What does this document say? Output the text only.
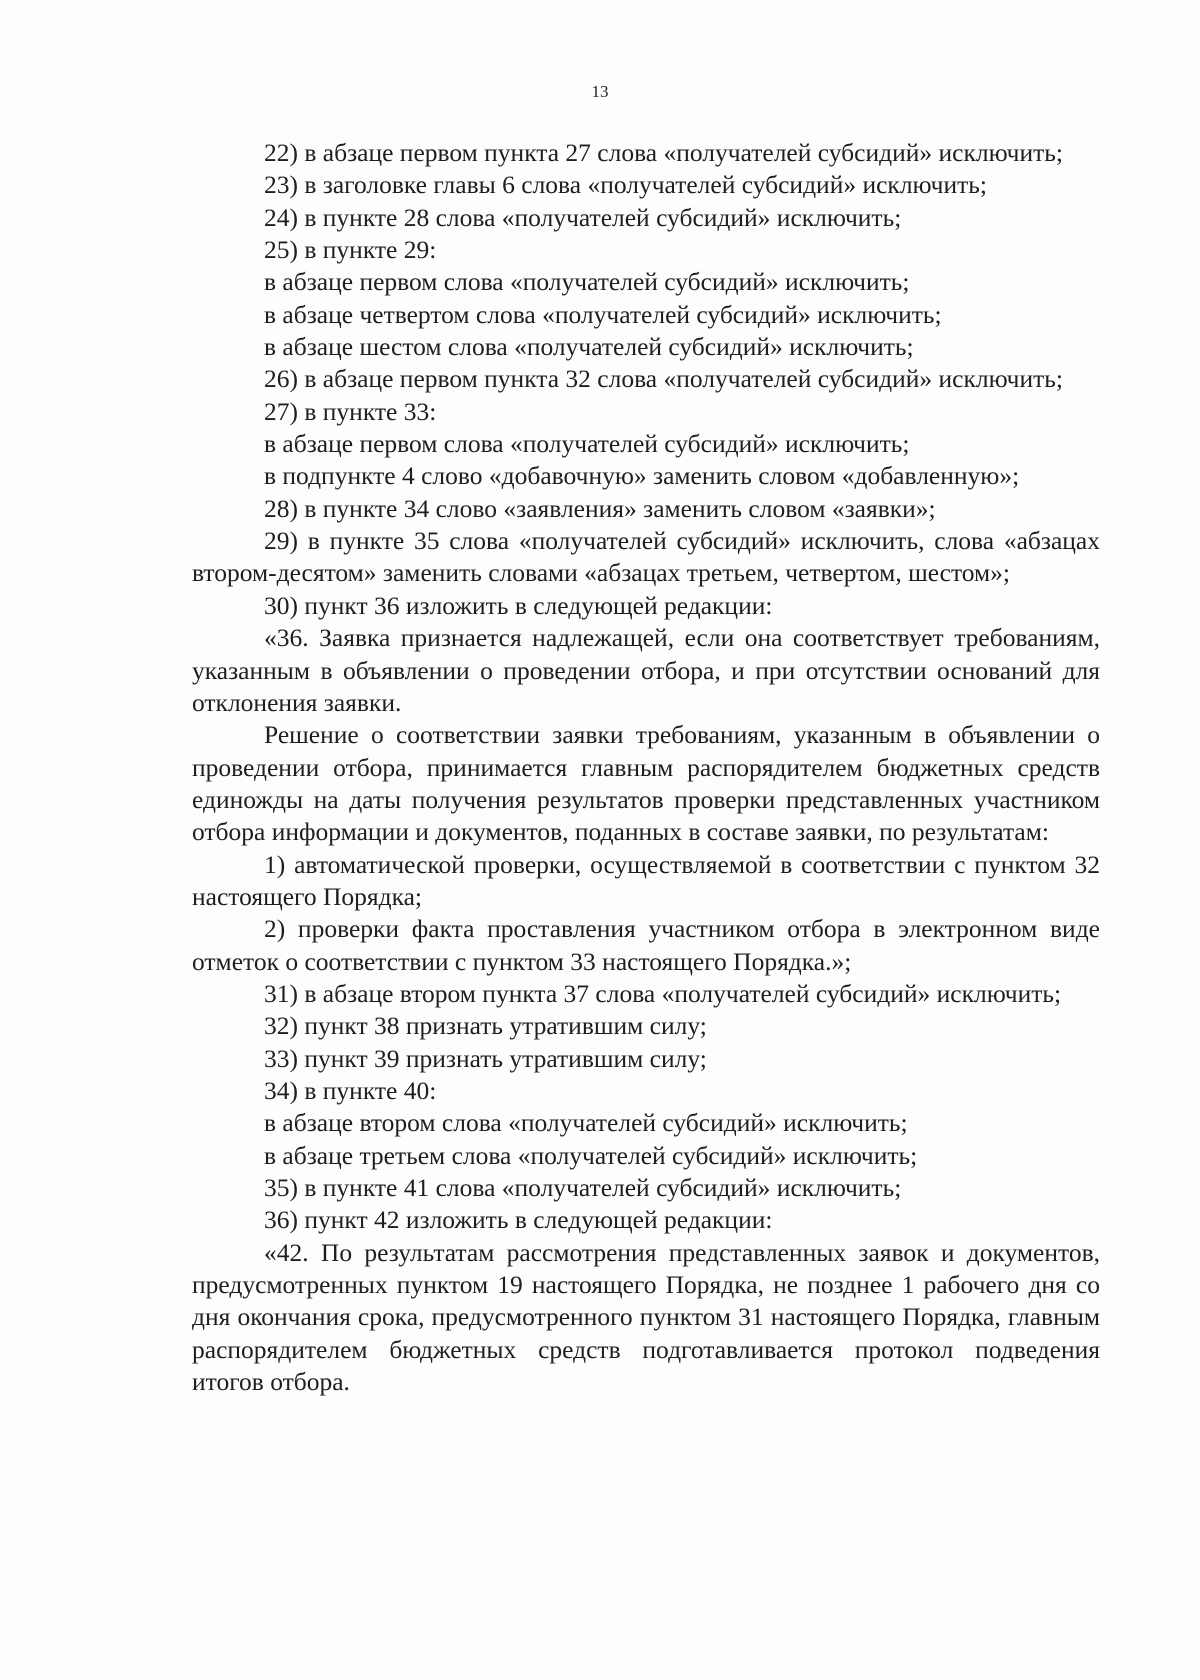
13

22) в абзаце первом пункта 27 слова «получателей субсидий» исключить;

23) в заголовке главы 6 слова «получателей субсидий» исключить;

24) в пункте 28 слова «получателей субсидий» исключить;

25) в пункте 29:

в абзаце первом слова «получателей субсидий» исключить;

в абзаце четвертом слова «получателей субсидий» исключить;

в абзаце шестом слова «получателей субсидий» исключить;

26) в абзаце первом пункта 32 слова «получателей субсидий» исключить;

27) в пункте 33:

в абзаце первом слова «получателей субсидий» исключить;

в подпункте 4 слово «добавочную» заменить словом «добавленную»;

28) в пункте 34 слово «заявления» заменить словом «заявки»;

29) в пункте 35 слова «получателей субсидий» исключить, слова «абзацах втором-десятом» заменить словами «абзацах третьем, четвертом, шестом»;

30) пункт 36 изложить в следующей редакции:

«36. Заявка признается надлежащей, если она соответствует требованиям, указанным в объявлении о проведении отбора, и при отсутствии оснований для отклонения заявки.

Решение о соответствии заявки требованиям, указанным в объявлении о проведении отбора, принимается главным распорядителем бюджетных средств единожды на даты получения результатов проверки представленных участником отбора информации и документов, поданных в составе заявки, по результатам:

1) автоматической проверки, осуществляемой в соответствии с пунктом 32 настоящего Порядка;

2) проверки факта проставления участником отбора в электронном виде отметок о соответствии с пунктом 33 настоящего Порядка.»;

31) в абзаце втором пункта 37 слова «получателей субсидий» исключить;

32) пункт 38 признать утратившим силу;

33) пункт 39 признать утратившим силу;

34) в пункте 40:

в абзаце втором слова «получателей субсидий» исключить;

в абзаце третьем слова «получателей субсидий» исключить;

35) в пункте 41 слова «получателей субсидий» исключить;

36) пункт 42 изложить в следующей редакции:

«42. По результатам рассмотрения представленных заявок и документов, предусмотренных пунктом 19 настоящего Порядка, не позднее 1 рабочего дня со дня окончания срока, предусмотренного пунктом 31 настоящего Порядка, главным распорядителем бюджетных средств подготавливается протокол подведения итогов отбора.
